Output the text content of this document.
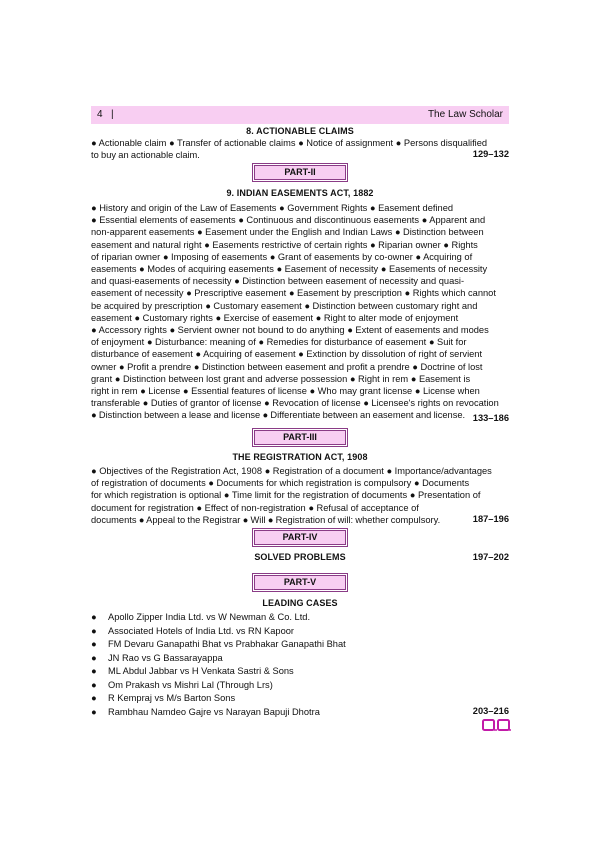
4 |	The Law Scholar
8. ACTIONABLE CLAIMS
● Actionable claim ● Transfer of actionable claims ● Notice of assignment ● Persons disqualified
to buy an actionable claim.	129–132
PART-II
9. INDIAN EASEMENTS ACT, 1882
● History and origin of the Law of Easements ● Government Rights ● Easement defined
● Essential elements of easements ● Continuous and discontinuous easements ● Apparent and
non-apparent easements ● Easement under the English and Indian Laws ● Distinction between
easement and natural right ● Easements restrictive of certain rights ● Riparian owner ● Rights
of riparian owner ● Imposing of easements ● Grant of easements by co-owner ● Acquiring of
easements ● Modes of acquiring easements ● Easement of necessity ● Easements of necessity
and quasi-easements of necessity ● Distinction between easement of necessity and quasi-
easement of necessity ● Prescriptive easement ● Easement by prescription ● Rights which cannot
be acquired by prescription ● Customary easement ● Distinction between customary right and
easement ● Customary rights ● Exercise of easement ● Right to alter mode of enjoyment
● Accessory rights ● Servient owner not bound to do anything ● Extent of easements and modes
of enjoyment ● Disturbance: meaning of ● Remedies for disturbance of easement ● Suit for
disturbance of easement ● Acquiring of easement ● Extinction by dissolution of right of servient
owner ● Profit a prendre ● Distinction between easement and profit a prendre ● Doctrine of lost
grant ● Distinction between lost grant and adverse possession ● Right in rem ● Easement is
right in rem ● License ● Essential features of license ● Who may grant license ● License when
transferable ● Duties of grantor of license ● Revocation of license ● Licensee's rights on revocation
● Distinction between a lease and license ● Differentiate between an easement and license. 133–186
PART-III
THE REGISTRATION ACT, 1908
● Objectives of the Registration Act, 1908 ● Registration of a document ● Importance/advantages
of registration of documents ● Documents for which registration is compulsory ● Documents
for which registration is optional ● Time limit for the registration of documents ● Presentation of
document for registration ● Effect of non-registration ● Refusal of acceptance of
documents ● Appeal to the Registrar ● Will ● Registration of will: whether compulsory.	187–196
PART-IV
SOLVED PROBLEMS	197–202
PART-V
LEADING CASES
● Apollo Zipper India Ltd. vs W Newman & Co. Ltd.
● Associated Hotels of India Ltd. vs RN Kapoor
● FM Devaru Ganapathi Bhat vs Prabhakar Ganapathi Bhat
● JN Rao vs G Bassarayappa
● ML Abdul Jabbar vs H Venkata Sastri & Sons
● Om Prakash vs Mishri Lal (Through Lrs)
● R Kempraj vs M/s Barton Sons
● Rambhau Namdeo Gajre vs Narayan Bapuji Dhotra	203–216
